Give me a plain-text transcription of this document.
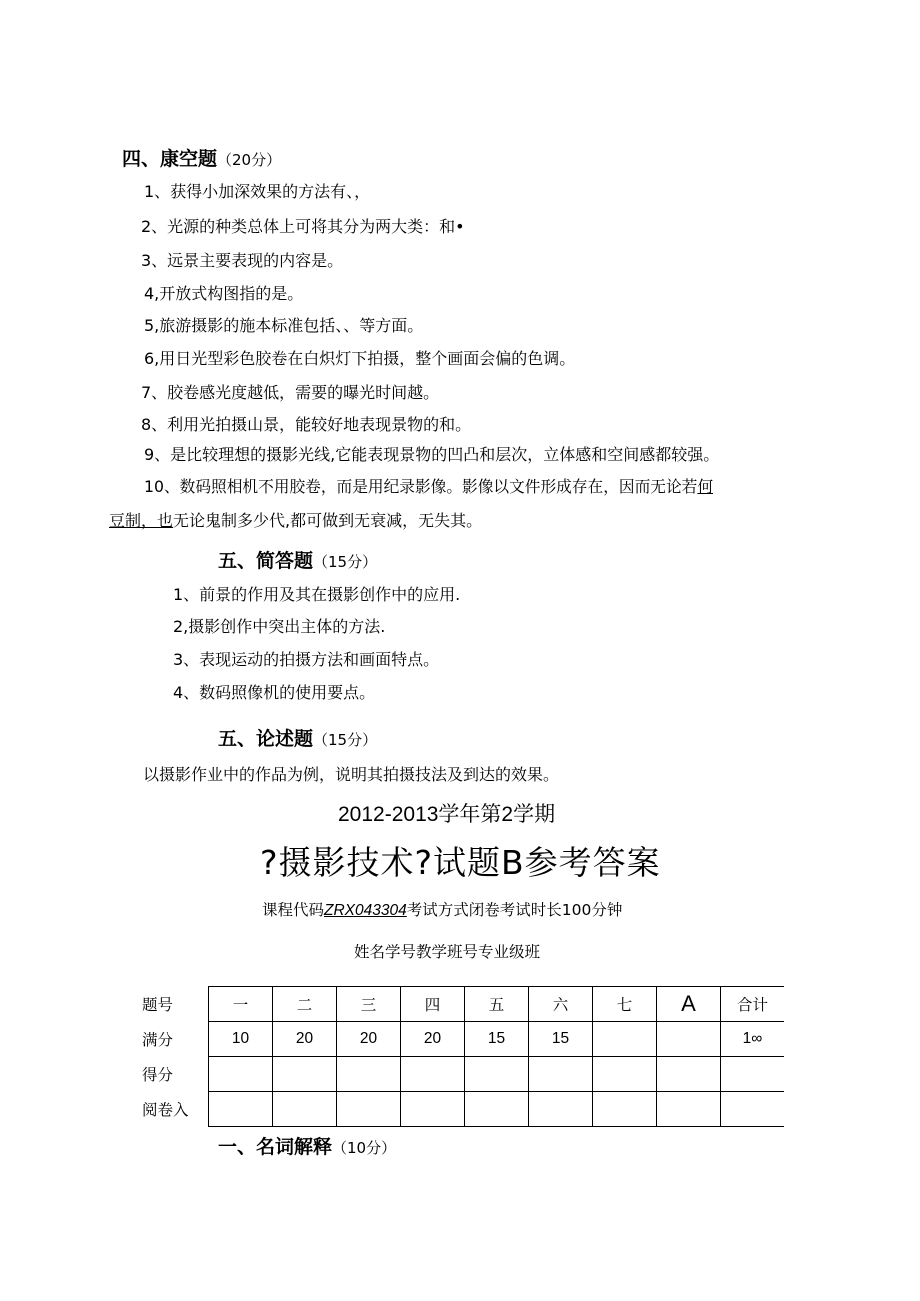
四、康空题（20分）
1、获得小加深效果的方法有、，
2、光源的种类总体上可将其分为两大类：和•
3、远景主要表现的内容是。
4,开放式构图指的是。
5,旅游摄影的施本标准包括、、等方面。
6,用日光型彩色胶卷在白炽灯下拍摄，整个画面会偏的色调。
7、胶卷感光度越低，需要的曝光时间越。
8、利用光拍摄山景，能较好地表现景物的和。
9、是比较理想的摄影光线,它能表现景物的凹凸和层次，立体感和空间感都较强。
10、数码照相机不用胶卷，而是用纪录影像。影像以文件形成存在，因而无论若何
豆制，也无论鬼制多少代,都可做到无衰减，无失其。
五、简答题（15分）
1、前景的作用及其在摄影创作中的应用.
2,摄影创作中突出主体的方法.
3、表现运动的拍摄方法和画面特点。
4、数码照像机的使用要点。
五、论述题（15分）
以摄影作业中的作品为例，说明其拍摄技法及到达的效果。
2012-2013学年第2学期
?摄影技术?试题B参考答案
课程代码ZRX043304考试方式闭卷考试时长100分钟
姓名学号教学班号专业级班
题号	一	二	三	四	五	六	七	A	合计
满分	10	20	20	20	15	15			1∞
得分									
阅卷入									
一、名词解释（10分）
